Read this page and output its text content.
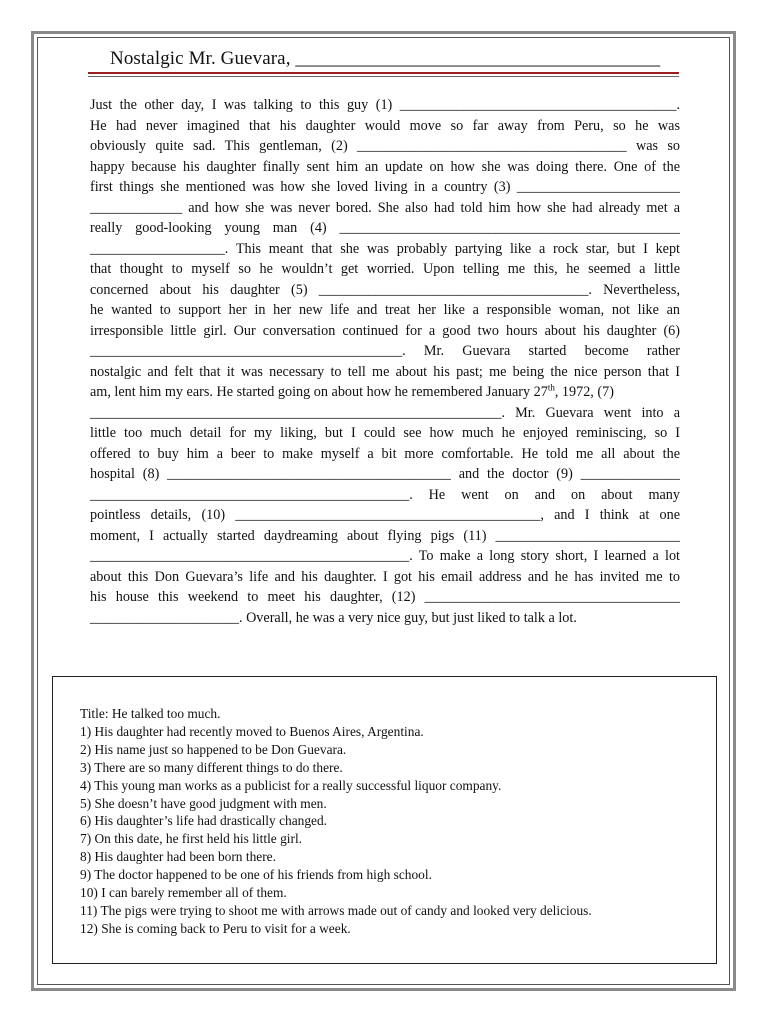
Nostalgic Mr. Guevara, ______________________________________
Just the other day, I was talking to this guy (1) _______________________________________.
He had never imagined that his daughter would move so far away from Peru, so he was
obviously quite sad. This gentleman, (2) ______________________________________ was so
happy because his daughter finally sent him an update on how she was doing there. One of the
first things she mentioned was how she loved living in a country (3) _______________________
_____________ and how she was never bored. She also had told him how she had already met a
really good-looking young man (4) ________________________________________________
___________________. This meant that she was probably partying like a rock star, but I kept
that thought to myself so he wouldn’t get worried. Upon telling me this, he seemed a little
concerned about his daughter (5) ______________________________________. Nevertheless,
he wanted to support her in her new life and treat her like a responsible woman, not like an
irresponsible little girl. Our conversation continued for a good two hours about his daughter (6)
____________________________________________. Mr. Guevara started become rather
nostalgic and felt that it was necessary to tell me about his past; me being the nice person that I
am, lent him my ears. He started going on about how he remembered January 27th, 1972, (7)
__________________________________________________________. Mr. Guevara went into a
little too much detail for my liking, but I could see how much he enjoyed reminiscing, so I
offered to buy him a beer to make myself a bit more comfortable. He told me all about the
hospital (8) ________________________________________ and the doctor (9) ______________
_____________________________________________. He went on and on about many
pointless details, (10) ___________________________________________, and I think at one
moment, I actually started daydreaming about flying pigs (11) __________________________
_____________________________________________. To make a long story short, I learned a lot
about this Don Guevara’s life and his daughter. I got his email address and he has invited me to
his house this weekend to meet his daughter, (12) ____________________________________
_____________________. Overall, he was a very nice guy, but just liked to talk a lot.
Title: He talked too much.
1) His daughter had recently moved to Buenos Aires, Argentina.
2) His name just so happened to be Don Guevara.
3) There are so many different things to do there.
4) This young man works as a publicist for a really successful liquor company.
5) She doesn’t have good judgment with men.
6) His daughter’s life had drastically changed.
7) On this date, he first held his little girl.
8) His daughter had been born there.
9) The doctor happened to be one of his friends from high school.
10) I can barely remember all of them.
11) The pigs were trying to shoot me with arrows made out of candy and looked very delicious.
12) She is coming back to Peru to visit for a week.
